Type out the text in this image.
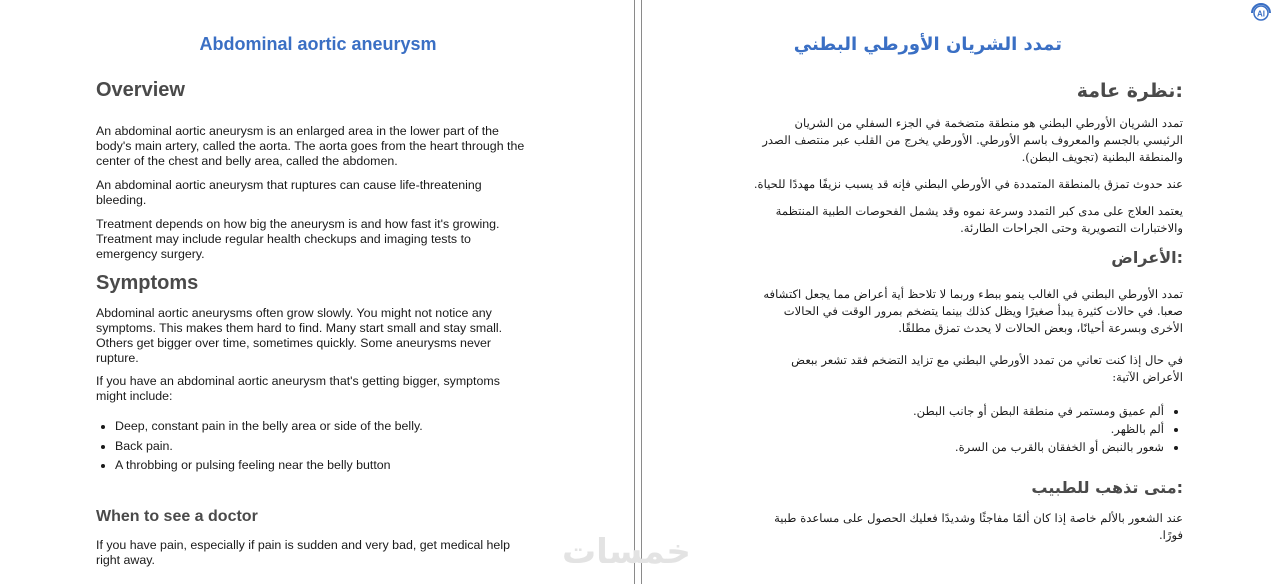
Abdominal aortic aneurysm
Overview

An abdominal aortic aneurysm is an enlarged area in the lower part of the body's main artery, called the aorta. The aorta goes from the heart through the center of the chest and belly area, called the abdomen.

An abdominal aortic aneurysm that ruptures can cause life-threatening bleeding.

Treatment depends on how big the aneurysm is and how fast it's growing. Treatment may include regular health checkups and imaging tests to emergency surgery.

Symptoms

Abdominal aortic aneurysms often grow slowly. You might not notice any symptoms. This makes them hard to find. Many start small and stay small. Others get bigger over time, sometimes quickly. Some aneurysms never rupture.

If you have an abdominal aortic aneurysm that's getting bigger, symptoms might include:

• Deep, constant pain in the belly area or side of the belly.
• Back pain.
• A throbbing or pulsing feeling near the belly button
When to see a doctor

If you have pain, especially if pain is sudden and very bad, get medical help right away.

تمدد الشريان الأورطي البطني
نظرة عامة:

تمدد الشريان الأورطي البطني هو منطقة متضخمة في الجزء السفلي من الشريان الرئيسي بالجسم والمعروف باسم الأورطي. الأورطي يخرج من القلب عبر منتصف الصدر والمنطقة البطنية (تجويف البطن).

عند حدوث تمزق بالمنطقة المتمددة في الأورطي البطني فإنه قد يسبب نزيفًا مهددًا للحياة.

يعتمد العلاج على مدى كبر التمدد وسرعة نموه وقد يشمل الفحوصات الطبية المنتظمة والاختبارات التصويرية وحتى الجراحات الطارئة.

الأعراض:

تمدد الأورطي البطني في الغالب ينمو ببطء وربما لا تلاحظ أية أعراض مما يجعل اكتشافه صعبا. في حالات كثيرة يبدأ صغيرًا ويظل كذلك بينما يتضخم بمرور الوقت في الحالات الأخرى وبسرعة أحيانًا، وبعض الحالات لا يحدث تمزق مطلقًا.

في حال إذا كنت تعاني من تمدد الأورطي البطني مع تزايد التضخم فقد تشعر ببعض الأعراض الآتية:

• ألم عميق ومستمر في منطقة البطن أو جانب البطن.
• ألم بالظهر.
• شعور بالنبض أو الخفقان بالقرب من السرة.
متى تذهب للطبيب:

عند الشعور بالألم خاصة إذا كان ألمًا مفاجئًا وشديدًا فعليك الحصول على مساعدة طبية فورًا.

AI
خمسات
